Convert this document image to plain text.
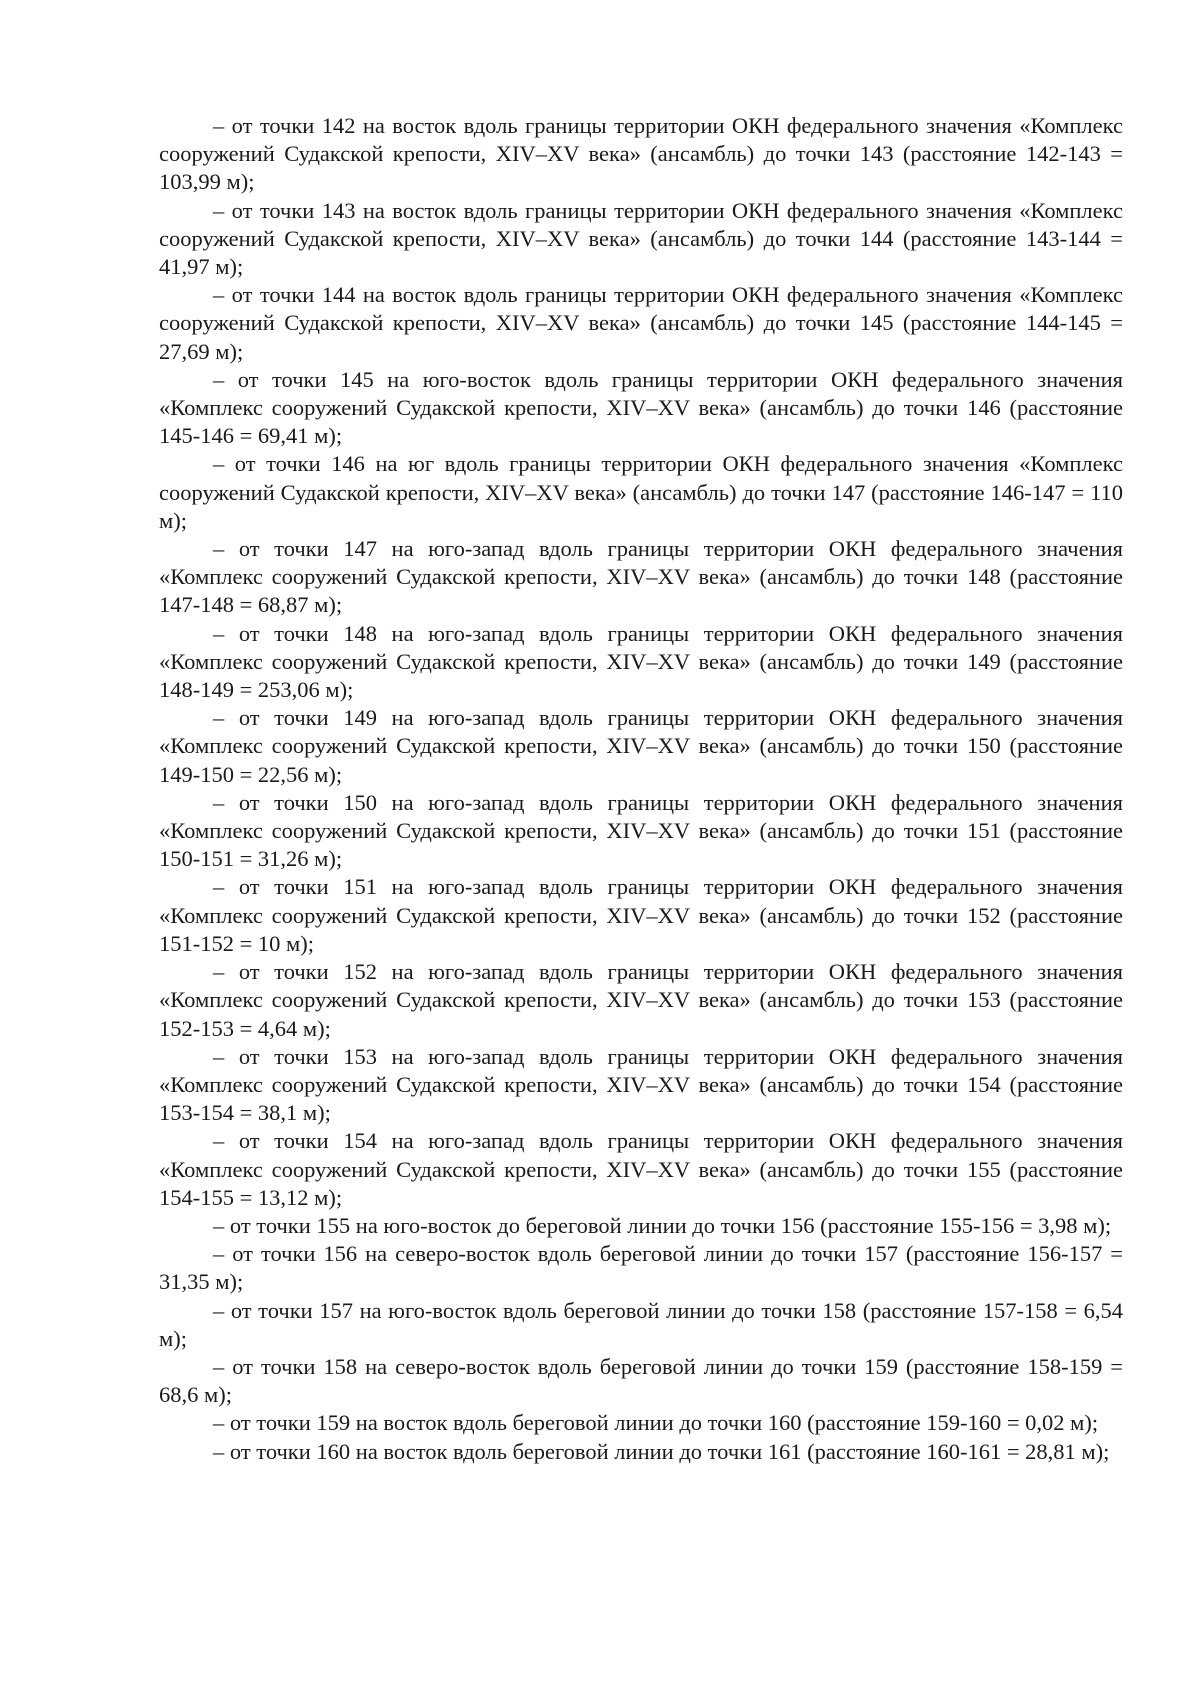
– от точки 142 на восток вдоль границы территории ОКН федерального значения «Комплекс сооружений Судакской крепости, XIV–XV века» (ансамбль) до точки 143 (расстояние 142-143 = 103,99 м);

– от точки 143 на восток вдоль границы территории ОКН федерального значения «Комплекс сооружений Судакской крепости, XIV–XV века» (ансамбль) до точки 144 (расстояние 143-144 = 41,97 м);

– от точки 144 на восток вдоль границы территории ОКН федерального значения «Комплекс сооружений Судакской крепости, XIV–XV века» (ансамбль) до точки 145 (расстояние 144-145 = 27,69 м);

– от точки 145 на юго-восток вдоль границы территории ОКН федерального значения «Комплекс сооружений Судакской крепости, XIV–XV века» (ансамбль) до точки 146 (расстояние 145-146 = 69,41 м);

– от точки 146 на юг вдоль границы территории ОКН федерального значения «Комплекс сооружений Судакской крепости, XIV–XV века» (ансамбль) до точки 147 (расстояние 146-147 = 110 м);

– от точки 147 на юго-запад вдоль границы территории ОКН федерального значения «Комплекс сооружений Судакской крепости, XIV–XV века» (ансамбль) до точки 148 (расстояние 147-148 = 68,87 м);

– от точки 148 на юго-запад вдоль границы территории ОКН федерального значения «Комплекс сооружений Судакской крепости, XIV–XV века» (ансамбль) до точки 149 (расстояние 148-149 = 253,06 м);

– от точки 149 на юго-запад вдоль границы территории ОКН федерального значения «Комплекс сооружений Судакской крепости, XIV–XV века» (ансамбль) до точки 150 (расстояние 149-150 = 22,56 м);

– от точки 150 на юго-запад вдоль границы территории ОКН федерального значения «Комплекс сооружений Судакской крепости, XIV–XV века» (ансамбль) до точки 151 (расстояние 150-151 = 31,26 м);

– от точки 151 на юго-запад вдоль границы территории ОКН федерального значения «Комплекс сооружений Судакской крепости, XIV–XV века» (ансамбль) до точки 152 (расстояние 151-152 = 10 м);

– от точки 152 на юго-запад вдоль границы территории ОКН федерального значения «Комплекс сооружений Судакской крепости, XIV–XV века» (ансамбль) до точки 153 (расстояние 152-153 = 4,64 м);

– от точки 153 на юго-запад вдоль границы территории ОКН федерального значения «Комплекс сооружений Судакской крепости, XIV–XV века» (ансамбль) до точки 154 (расстояние 153-154 = 38,1 м);

– от точки 154 на юго-запад вдоль границы территории ОКН федерального значения «Комплекс сооружений Судакской крепости, XIV–XV века» (ансамбль) до точки 155 (расстояние 154-155 = 13,12 м);

– от точки 155 на юго-восток до береговой линии до точки 156 (расстояние 155-156 = 3,98 м);

– от точки 156 на северо-восток вдоль береговой линии до точки 157 (расстояние 156-157 = 31,35 м);

– от точки 157 на юго-восток вдоль береговой линии до точки 158 (расстояние 157-158 = 6,54 м);

– от точки 158 на северо-восток вдоль береговой линии до точки 159 (расстояние 158-159 = 68,6 м);

– от точки 159 на восток вдоль береговой линии до точки 160 (расстояние 159-160 = 0,02 м);

– от точки 160 на восток вдоль береговой линии до точки 161 (расстояние 160-161 = 28,81 м);
